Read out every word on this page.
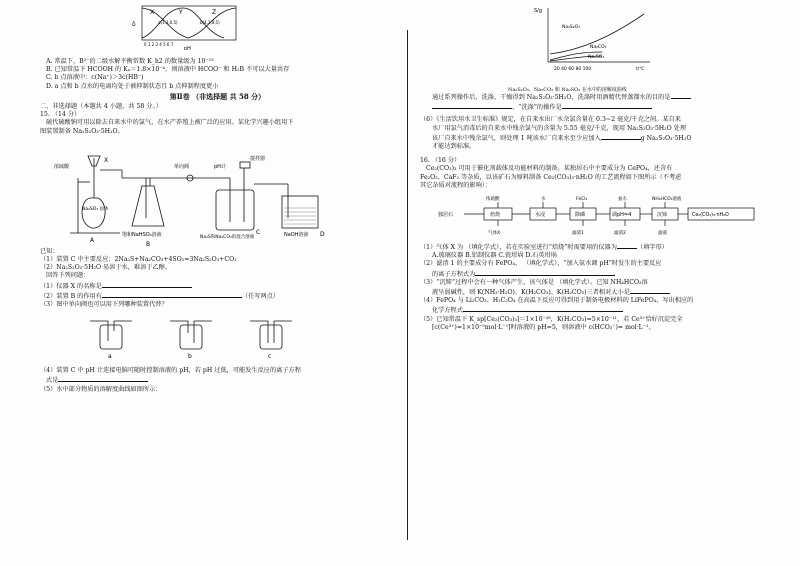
X	Y	Z
a(1.3,0.5)	b(4.3,0.5)
δ
0 1 2 3 4 5 6 7
pH
A. 常温下，B²⁻的二级水解平衡常数 K_h2 的数量级为 10⁻¹³
B. 已知常温下 HCOOH 的 Kₐ＝1.8×10⁻⁴，则溶液中 HCOO⁻ 和 H₂B 不可以大量共存
C. b 点溶液中：c(Na⁺)＞3c(HB⁻)
D. a 点和 b 点水的电离均处于被抑制状态且 b 点抑制程度更小
第Ⅱ卷 （非选择题 共 58 分）
二、非选择题（本题共 4 小题，共 58 分。）
15. （14 分）
硫代硫酸钠可用以除去自来水中的氯气，在水产养殖上被广泛的应用。某化学兴趣小组用下
图装置制备 Na₂S₂O₃·5H₂O。
浓硫酸
X
Na₂SO₃ 固体
A
单向阀
饱和NaHSO₃溶液
B
pH计
搅拌器
Na₂S和Na₂CO₃的混合溶液
C	NaOH溶液 D
已知：
（1）装置 C 中主要反应：2Na₂S+Na₂CO₃+4SO₂=3Na₂S₂O₃+CO₂
（2）Na₂S₂O₃·5H₂O 易溶于水，难溶于乙醇。
回答下列问题：
（1）仪器 X 的名称是
（2）装置 B 的作用有	（任写两点）
（3）图中单向阀也可以用下列哪种装置代替？
a	b	c
（4）装置 C 中 pH 计连接电脑可随时控制溶液的 pH，若 pH 过低，可能发生反应的离子方程
式是
（5）水中部分物质的溶解度曲线如图所示：
S/g
Na₂S₂O₃
Na₂CO₃
Na₂SO₃
20 40 60 80 100	t/℃
Na₂S₂O₃、Na₂CO₃ 和 Na₂SO₃ 在水中的溶解度曲线
通过系列操作后，洗涤、干燥得到 Na₂S₂O₃·5H₂O，洗涤时用酒精代替蒸馏水的目的是
、“洗涤”的操作是
（6）《生活饮用水卫生标准》规定，在自来水出厂水余氯含量在 0.3~2 毫克/千克之间。某自来
水厂用氯气消毒后的自来水中残余氯气的含量为 5.55 毫克/千克，现用 Na₂S₂O₃·5H₂O 处理
该厂自来水中残余氯气，则处理 1 吨该水厂自来水至少应加入	g Na₂S₂O₃·5H₂O
才能达到标准。
16. （16 分）
Ce₂(CO₃)₃ 可用于催化剂载体及功能材料的制备。某独居石中主要成分为 CePO₄，还含有
Fe₂O₃、CaF₂ 等杂质，以该矿石为原料制备 Ce₂(CO₃)₃·nH₂O 的工艺流程如下图所示（不考虑
其它杂质对流程的影响）：
浓硫酸	水	FeCl₃	氨水	NH₄HCO₃溶液
独居石	焙烧	水浸	除磷	调pH=4	沉铈	Ce₂(CO₃)₃·nH₂O
气体X	滤渣1	滤渣2	滤液
（1）气体 X 为 （填化学式），若在实验室进行“焙烧”时需要用的仪器为	（填字母）
A.玻璃仪器 B.铝制仪器 C.瓷坩埚 D.石英坩埚
（2）滤渣 1 的主要成分有 FePO₄、 （填化学式），“加入氨水调 pH”时发生的主要反应
的离子方程式为
（3）“沉铈”过程中会有一种气体产生，该气体是 （填化学式）。已知 NH₄HCO₃溶
液呈弱碱性，则 K(NH₃·H₂O)、K(H₂CO₃)、K(H₂CO₃)三者相对大小是
（4）FePO₄ 与 Li₂CO₃、H₂C₂O₄ 在高温下反应可得到用于制备电极材料的 LiFePO₄，写出相应的
化学方程式
（5）已知常温下 K_sp[Ce₂(CO₃)₃]＝1×10⁻²⁸，K(H₂CO₃)=5×10⁻¹¹，若 Ce³⁺恰好沉淀完全
[c(Ce³⁺)=1×10⁻⁵mol·L⁻¹]时溶液的 pH=5，则溶液中 c(HCO₃⁻)= mol·L⁻¹。
